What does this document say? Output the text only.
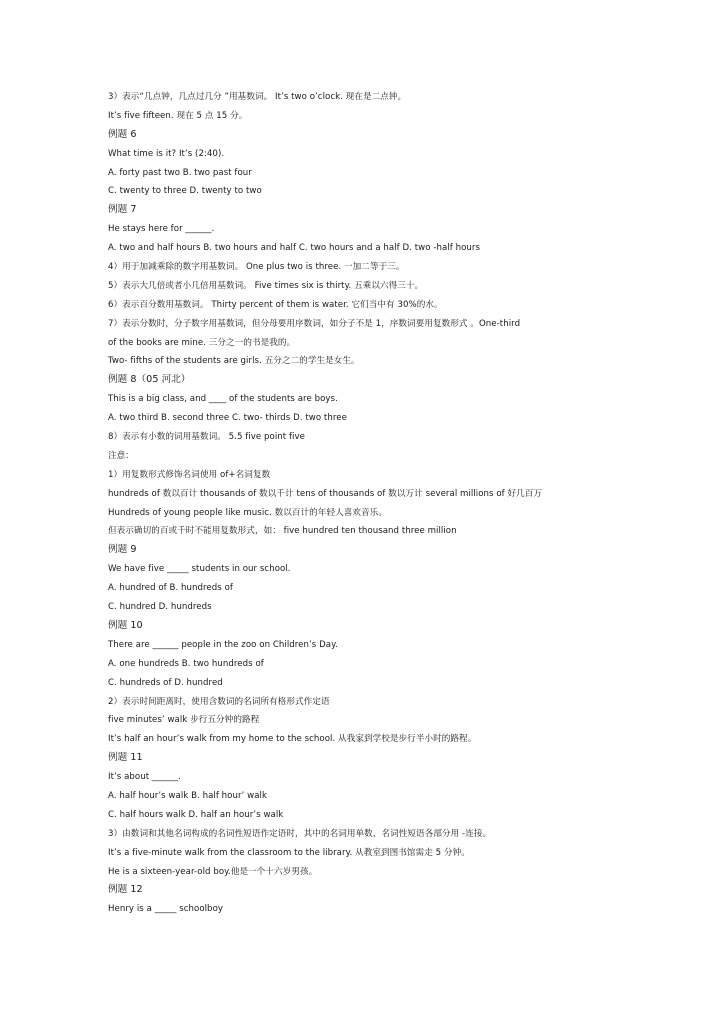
3）表示“几点钟，几点过几分 ”用基数词。 It’s two o’clock. 现在是二点钟。
It’s five fifteen. 现在 5 点 15 分。
例题 6
What time is it? It’s (2:40).
A. forty past two B. two past four
C. twenty to three D. twenty to two
例题 7
He stays here for ______.
A. two and half hours B. two hours and half C. two hours and a half D. two -half hours
4）用于加减乘除的数字用基数词。 One plus two is three. 一加二等于三。
5）表示大几倍或者小几倍用基数词。 Five times six is thirty. 五乘以六得三十。
6）表示百分数用基数词。 Thirty percent of them is water. 它们当中有 30%的水。
7）表示分数时，分子数字用基数词，但分母要用序数词，如分子不是 1，序数词要用复数形式 。One-third
of the books are mine. 三分之一的书是我的。
Two- fifths of the students are girls. 五分之二的学生是女生。
例题 8（05 河北）
This is a big class, and ____ of the students are boys.
A. two third B. second three C. two- thirds D. two three
8）表示有小数的词用基数词。 5.5 five point five
注意：
1）用复数形式修饰名词使用 of+名词复数
hundreds of 数以百计 thousands of 数以千计 tens of thousands of 数以万计 several millions of 好几百万
Hundreds of young people like music. 数以百计的年轻人喜欢音乐。
但表示确切的百或千时不能用复数形式，如： five hundred ten thousand three million
例题 9
We have five _____ students in our school.
A. hundred of B. hundreds of
C. hundred D. hundreds
例题 10
There are ______ people in the zoo on Children’s Day.
A. one hundreds B. two hundreds of
C. hundreds of D. hundred
2）表示时间距离时，使用含数词的名词所有格形式作定语
five minutes’ walk 步行五分钟的路程
It’s half an hour’s walk from my home to the school. 从我家到学校是步行半小时的路程。
例题 11
It’s about ______.
A. half hour’s walk B. half hour’ walk
C. half hours walk D. half an hour’s walk
3）由数词和其他名词构成的名词性短语作定语时，其中的名词用单数，名词性短语各部分用 -连接。
It’s a five-minute walk from the classroom to the library. 从教室到图书馆需走 5 分钟。
He is a sixteen-year-old boy.他是一个十六岁男孩。
例题 12
Henry is a _____ schoolboy
